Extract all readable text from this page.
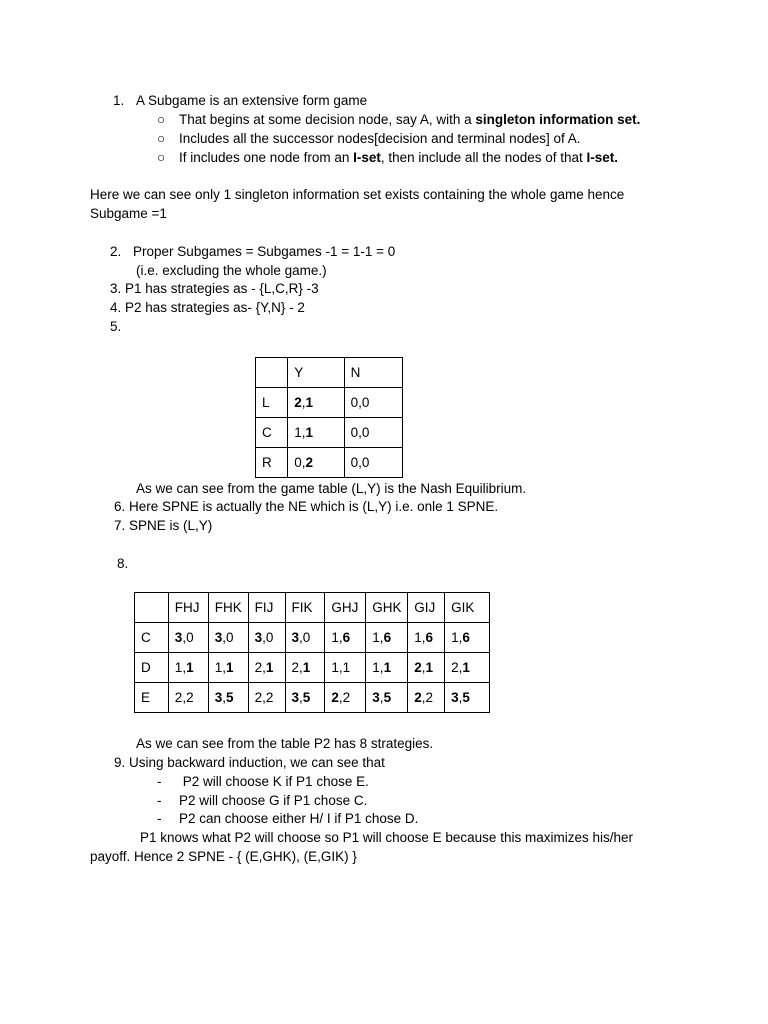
1. A Subgame is an extensive form game
○ That begins at some decision node, say A, with a singleton information set.
○ Includes all the successor nodes[decision and terminal nodes] of A.
○ If includes one node from an I-set, then include all the nodes of that I-set.
Here we can see only 1 singleton information set exists containing the whole game hence
Subgame =1
2. Proper Subgames = Subgames -1 = 1-1 = 0
(i.e. excluding the whole game.)
3. P1 has strategies as - {L,C,R} -3
4. P2 has strategies as- {Y,N} - 2
5.
	Y	N
L	2,1	0,0
C	1,1	0,0
R	0,2	0,0
As we can see from the game table (L,Y) is the Nash Equilibrium.
6. Here SPNE is actually the NE which is (L,Y) i.e. onle 1 SPNE.
7. SPNE is (L,Y)
8.
	FHJ	FHK	FIJ	FIK	GHJ	GHK	GIJ	GIK
C	3,0	3,0	3,0	3,0	1,6	1,6	1,6	1,6
D	1,1	1,1	2,1	2,1	1,1	1,1	2,1	2,1
E	2,2	3,5	2,2	3,5	2,2	3,5	2,2	3,5
As we can see from the table P2 has 8 strategies.
9. Using backward induction, we can see that
- P2 will choose K if P1 chose E.
- P2 will choose G if P1 chose C.
- P2 can choose either H/ I if P1 chose D.
P1 knows what P2 will choose so P1 will choose E because this maximizes his/her
payoff. Hence 2 SPNE - { (E,GHK), (E,GIK) }
